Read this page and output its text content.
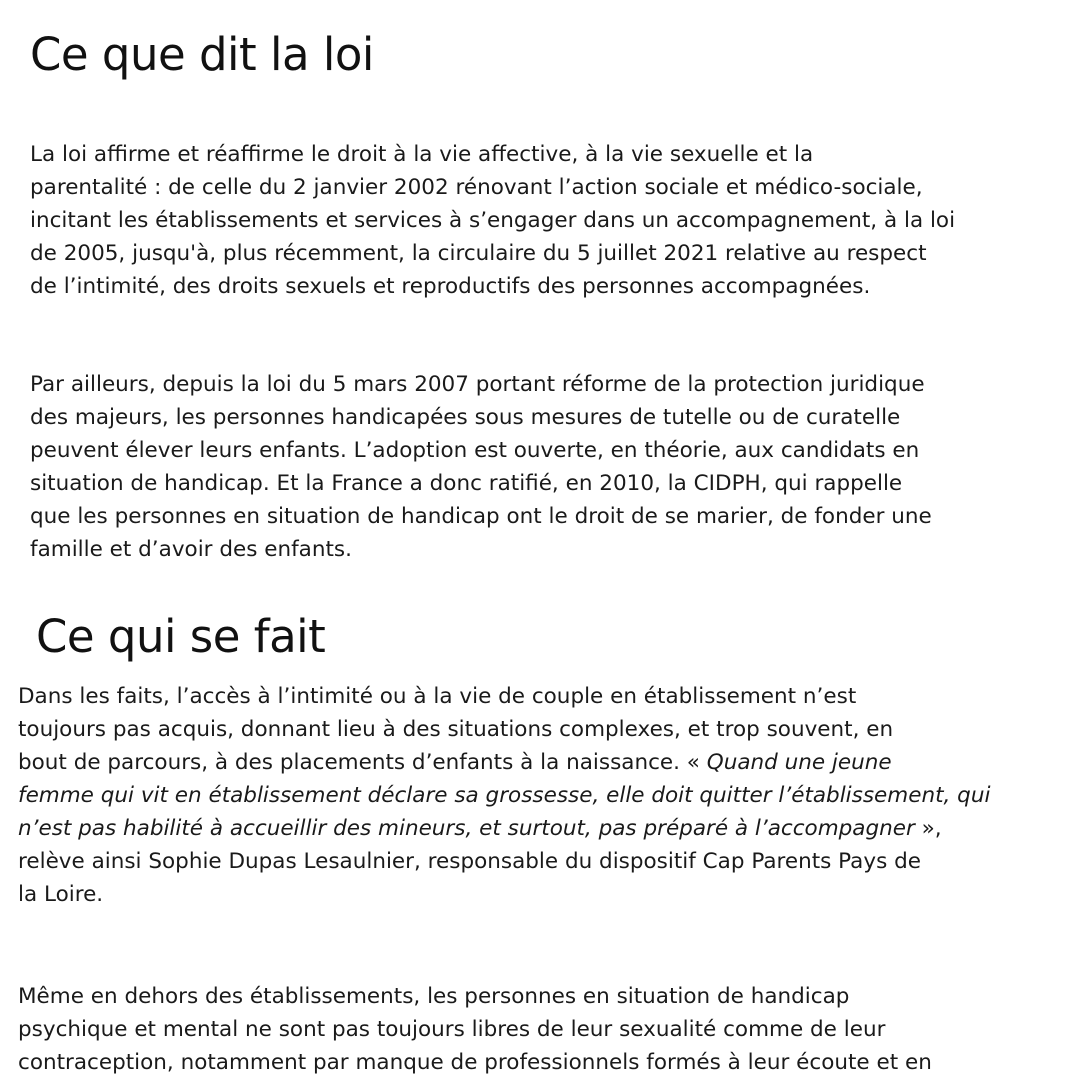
Ce que dit la loi

La loi affirme et réaffirme le droit à la vie affective, à la vie sexuelle et la
parentalité : de celle du 2 janvier 2002 rénovant l’action sociale et médico-sociale,
incitant les établissements et services à s’engager dans un accompagnement, à la loi
de 2005, jusqu'à, plus récemment, la circulaire du 5 juillet 2021 relative au respect
de l’intimité, des droits sexuels et reproductifs des personnes accompagnées.

Par ailleurs, depuis la loi du 5 mars 2007 portant réforme de la protection juridique
des majeurs, les personnes handicapées sous mesures de tutelle ou de curatelle
peuvent élever leurs enfants. L’adoption est ouverte, en théorie, aux candidats en
situation de handicap. Et la France a donc ratifié, en 2010, la CIDPH, qui rappelle
que les personnes en situation de handicap ont le droit de se marier, de fonder une
famille et d’avoir des enfants.

Ce qui se fait

Dans les faits, l’accès à l’intimité ou à la vie de couple en établissement n’est
toujours pas acquis, donnant lieu à des situations complexes, et trop souvent, en
bout de parcours, à des placements d’enfants à la naissance. « Quand une jeune
femme qui vit en établissement déclare sa grossesse, elle doit quitter l’établissement, qui
n’est pas habilité à accueillir des mineurs, et surtout, pas préparé à l’accompagner »,
relève ainsi Sophie Dupas Lesaulnier, responsable du dispositif Cap Parents Pays de
la Loire.

Même en dehors des établissements, les personnes en situation de handicap
psychique et mental ne sont pas toujours libres de leur sexualité comme de leur
contraception, notamment par manque de professionnels formés à leur écoute et en
